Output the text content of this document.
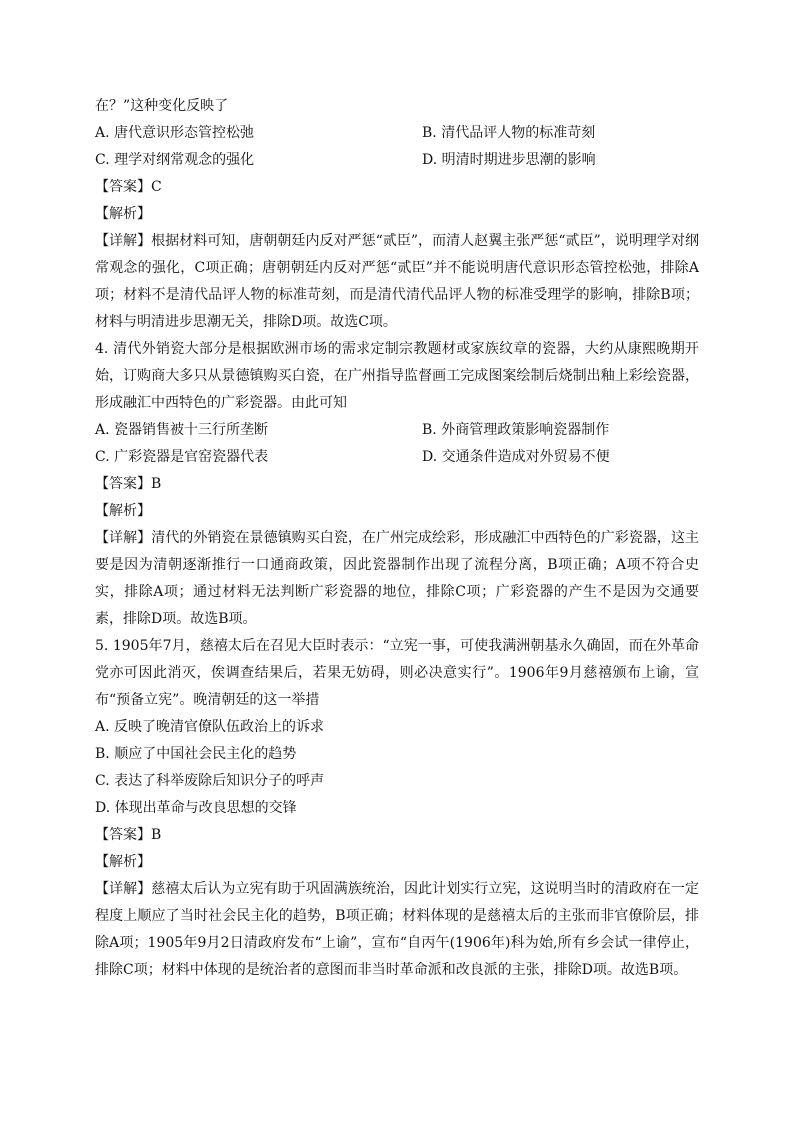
在？”这种变化反映了
A. 唐代意识形态管控松弛	B. 清代品评人物的标准苛刻
C. 理学对纲常观念的强化	D. 明清时期进步思潮的影响
【答案】C
【解析】

【详解】根据材料可知，唐朝朝廷内反对严惩“贰臣”，而清人赵翼主张严惩“贰臣”，说明理学对纲常观念的强化，C项正确；唐朝朝廷内反对严惩“贰臣”并不能说明唐代意识形态管控松弛，排除A项；材料不是清代品评人物的标准苛刻，而是清代清代品评人物的标准受理学的影响，排除B项；材料与明清进步思潮无关，排除D项。故选C项。

4. 清代外销瓷大部分是根据欧洲市场的需求定制宗教题材或家族纹章的瓷器，大约从康熙晚期开始，订购商大多只从景德镇购买白瓷，在广州指导监督画工完成图案绘制后烧制出釉上彩绘瓷器，形成融汇中西特色的广彩瓷器。由此可知

A. 瓷器销售被十三行所垄断	B. 外商管理政策影响瓷器制作
C. 广彩瓷器是官窑瓷器代表	D. 交通条件造成对外贸易不便
【答案】B
【解析】

【详解】清代的外销瓷在景德镇购买白瓷，在广州完成绘彩，形成融汇中西特色的广彩瓷器，这主要是因为清朝逐渐推行一口通商政策，因此瓷器制作出现了流程分离，B项正确；A项不符合史实，排除A项；通过材料无法判断广彩瓷器的地位，排除C项；广彩瓷器的产生不是因为交通要素，排除D项。故选B项。

5. 1905年7月，慈禧太后在召见大臣时表示：“立宪一事，可使我满洲朝基永久确固，而在外革命党亦可因此消灭，俟调查结果后，若果无妨碍，则必决意实行”。1906年9月慈禧颁布上谕，宣布“预备立宪”。晚清朝廷的这一举措

A. 反映了晚清官僚队伍政治上的诉求
B. 顺应了中国社会民主化的趋势
C. 表达了科举废除后知识分子的呼声
D. 体现出革命与改良思想的交锋
【答案】B
【解析】

【详解】慈禧太后认为立宪有助于巩固满族统治，因此计划实行立宪，这说明当时的清政府在一定程度上顺应了当时社会民主化的趋势，B项正确；材料体现的是慈禧太后的主张而非官僚阶层，排除A项；1905年9月2日清政府发布“上谕”，宣布“自丙午(1906年)科为始,所有乡会试一律停止，排除C项；材料中体现的是统治者的意图而非当时革命派和改良派的主张，排除D项。故选B项。
